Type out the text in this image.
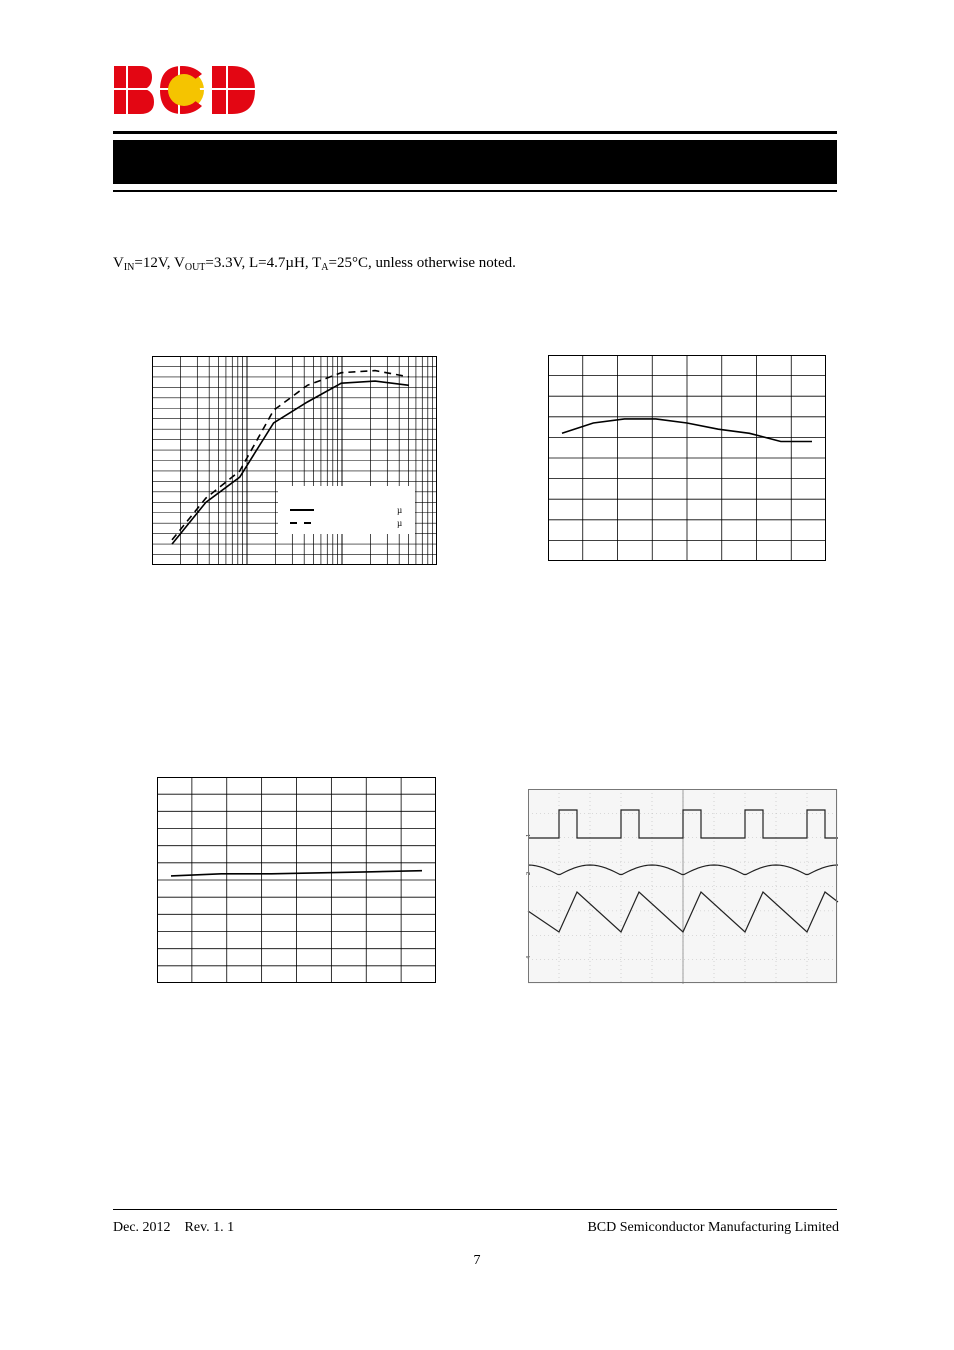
$V_{IN}=12V$, $V_{OUT}=3.3V$, L=4.7µH, $T_A=25^\circ C$, unless otherwise noted.
µ
µ
1
2
4
Dec. 2012    Rev. 1. 1	BCD Semiconductor Manufacturing Limited
7
